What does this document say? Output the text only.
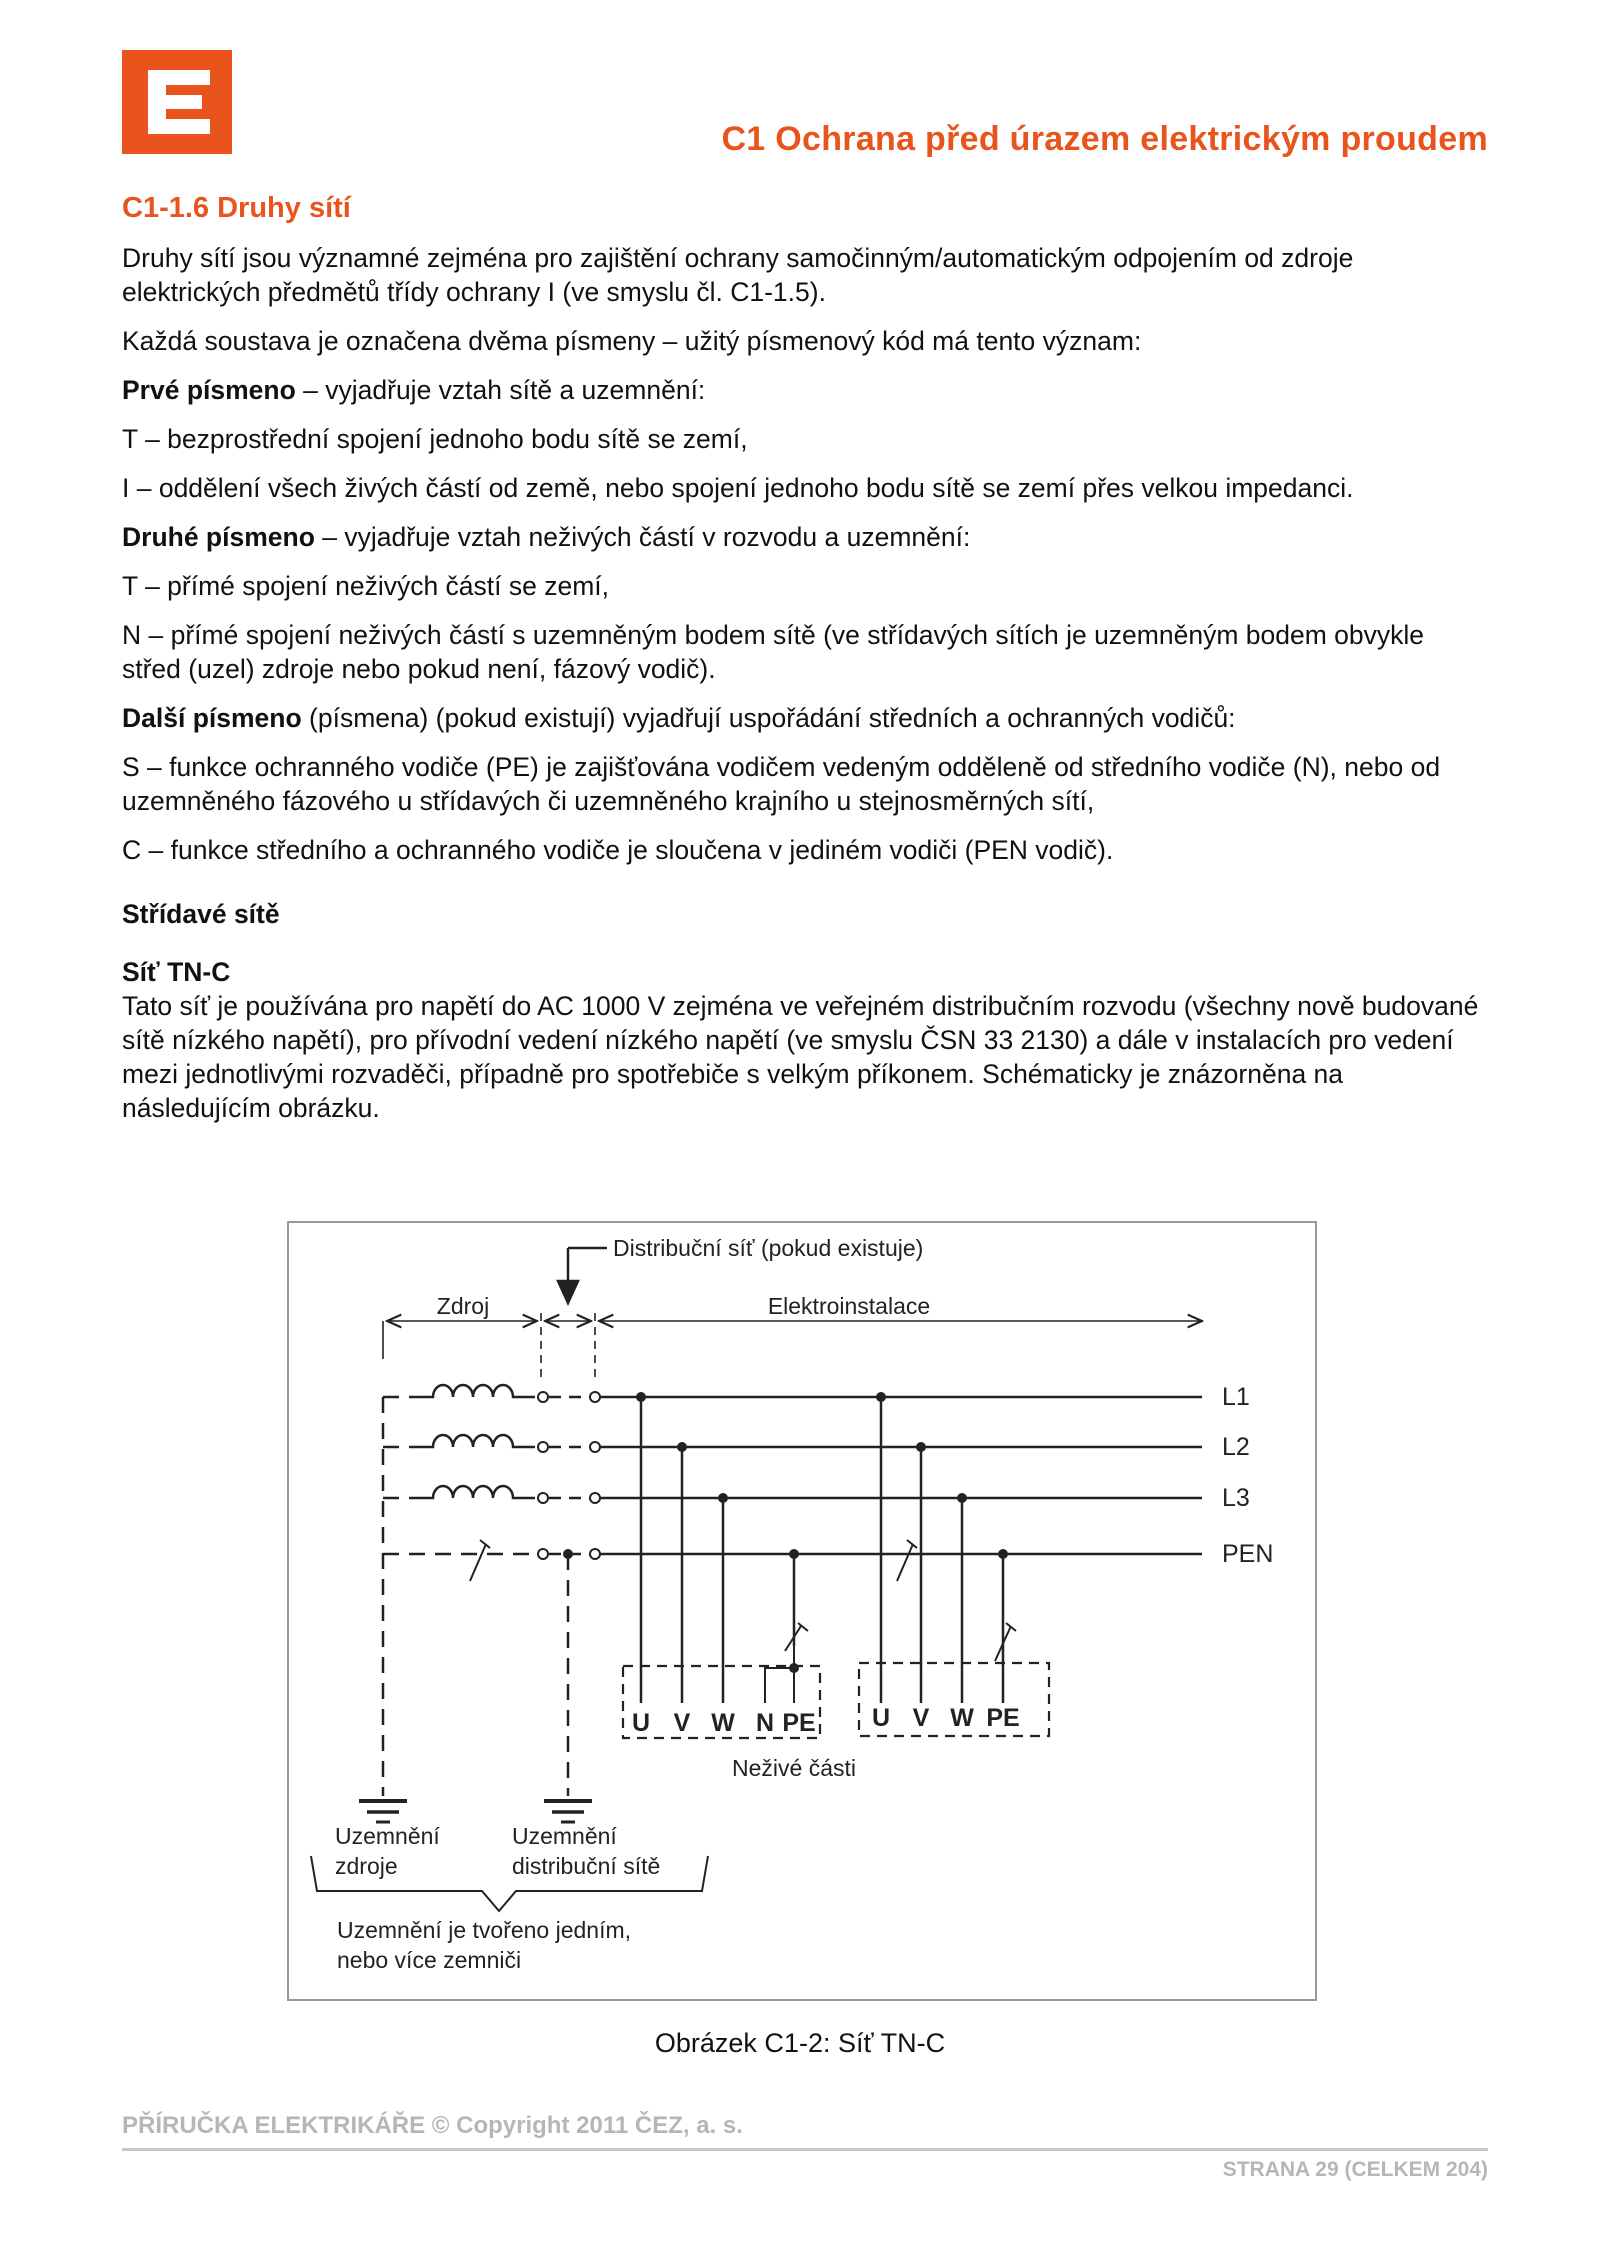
C1 Ochrana před úrazem elektrickým proudem

C1-1.6 Druhy sítí

Druhy sítí jsou významné zejména pro zajištění ochrany samočinným/automatickým odpojením od zdroje elektrických předmětů třídy ochrany I (ve smyslu čl. C1-1.5).

Každá soustava je označena dvěma písmeny – užitý písmenový kód má tento význam:

Prvé písmeno – vyjadřuje vztah sítě a uzemnění:

T – bezprostřední spojení jednoho bodu sítě se zemí,

I – oddělení všech živých částí od země, nebo spojení jednoho bodu sítě se zemí přes velkou impedanci.

Druhé písmeno – vyjadřuje vztah neživých částí v rozvodu a uzemnění:

T – přímé spojení neživých částí se zemí,

N – přímé spojení neživých částí s uzemněným bodem sítě (ve střídavých sítích je uzemněným bodem obvykle střed (uzel) zdroje nebo pokud není, fázový vodič).

Další písmeno (písmena) (pokud existují) vyjadřují uspořádání středních a ochranných vodičů:

S – funkce ochranného vodiče (PE) je zajišťována vodičem vedeným odděleně od středního vodiče (N), nebo od uzemněného fázového u střídavých či uzemněného krajního u stejnosměrných sítí,

C – funkce středního a ochranného vodiče je sloučena v jediném vodiči (PEN vodič).

Střídavé sítě

Síť TN-C

Tato síť je používána pro napětí do AC 1000 V zejména ve veřejném distribučním rozvodu (všechny nově budované sítě nízkého napětí), pro přívodní vedení nízkého napětí (ve smyslu ČSN 33 2130) a dále v instalacích pro vedení mezi jednotlivými rozvaděči, případně pro spotřebiče s velkým příkonem. Schématicky je znázorněna na následujícím obrázku.

Distribuční síť (pokud existuje)
Zdroj	Elektroinstalace
L1
L2
L3
PEN
Neživé části
Uzemnění
zdroje
Uzemnění
distribuční sítě
Uzemnění je tvořeno jedním,
nebo více zemniči
U V W N PE U V W PE
Obrázek C1-2: Síť TN-C
PŘÍRUČKA ELEKTRIKÁŘE © Copyright 2011 ČEZ, a. s.
STRANA 29 (CELKEM 204)
